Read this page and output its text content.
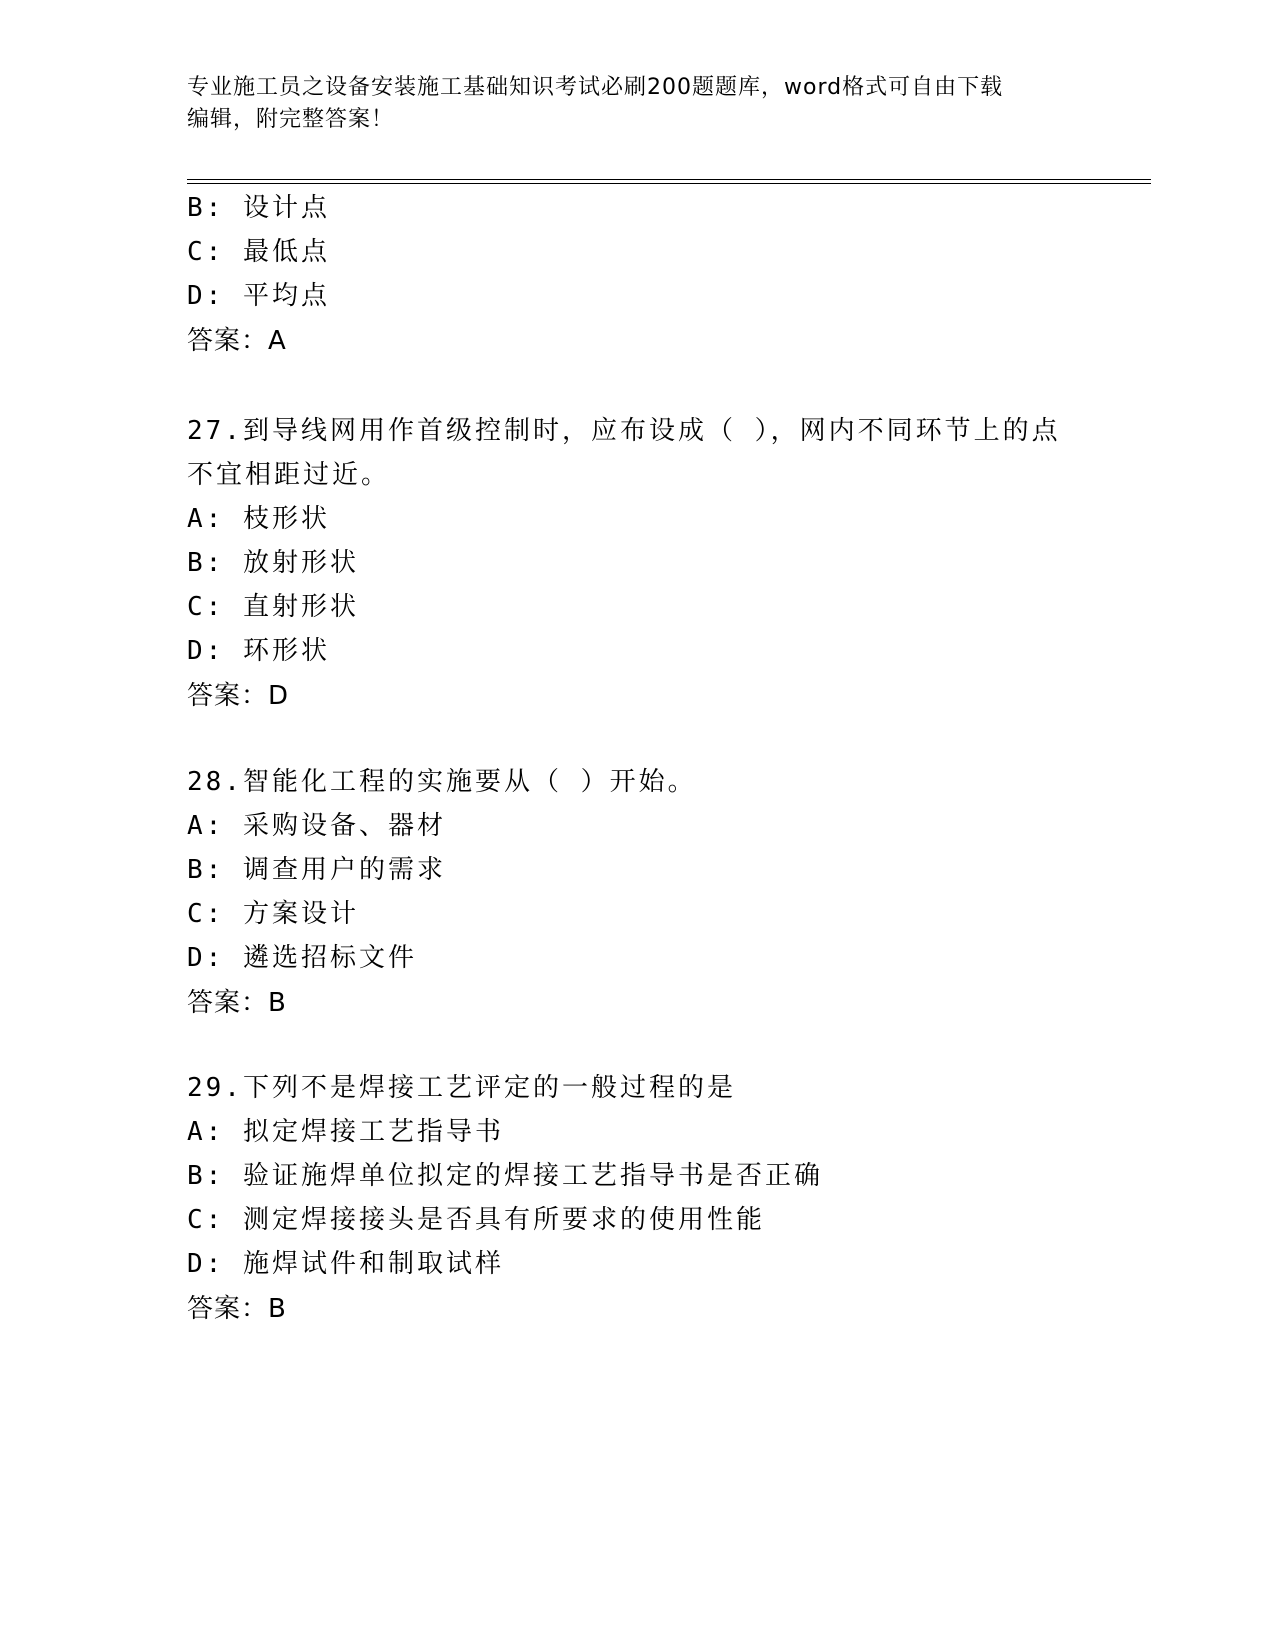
专业施工员之设备安装施工基础知识考试必刷200题题库，word格式可自由下载
编辑，附完整答案！
B: 设计点
C: 最低点
D: 平均点
答案：A
27.到导线网用作首级控制时，应布设成（ ），网内不同环节上的点
不宜相距过近。
A: 枝形状
B: 放射形状
C: 直射形状
D: 环形状
答案：D
28.智能化工程的实施要从（ ）开始。
A: 采购设备、器材
B: 调查用户的需求
C: 方案设计
D: 遴选招标文件
答案：B
29.下列不是焊接工艺评定的一般过程的是
A: 拟定焊接工艺指导书
B: 验证施焊单位拟定的焊接工艺指导书是否正确
C: 测定焊接接头是否具有所要求的使用性能
D: 施焊试件和制取试样
答案：B
